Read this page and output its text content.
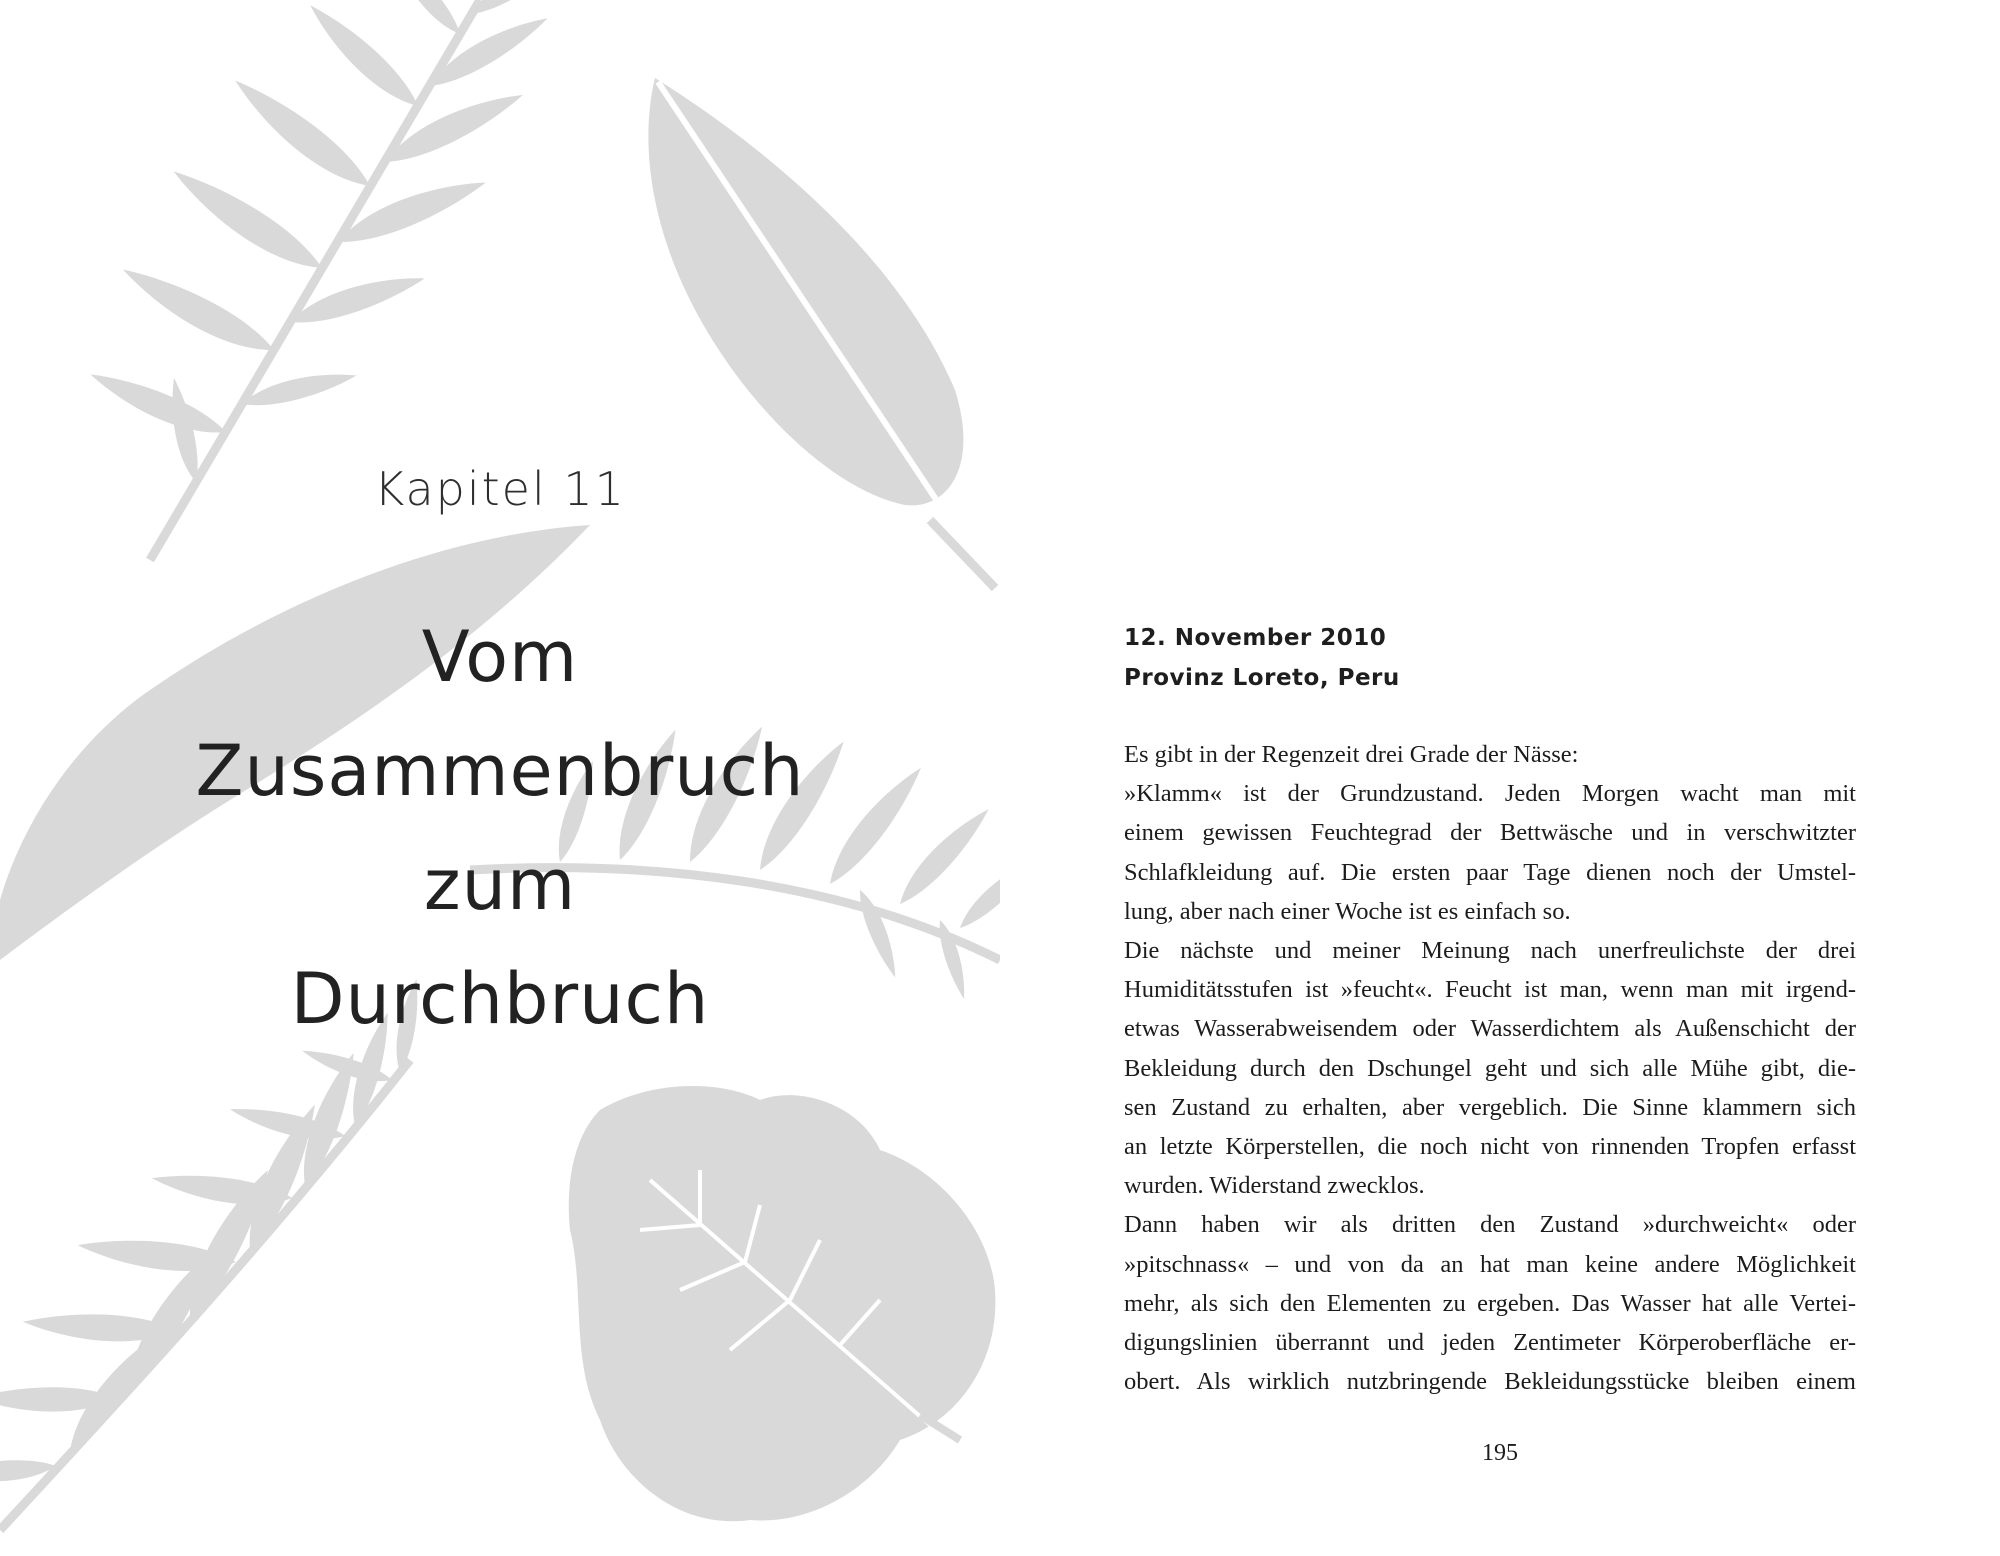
Kapitel 11
Vom
Zusammenbruch
zum
Durchbruch
12. November 2010
Provinz Loreto, Peru
Es gibt in der Regenzeit drei Grade der Nässe:
»Klamm« ist der Grundzustand. Jeden Morgen wacht man mit
einem gewissen Feuchtegrad der Bettwäsche und in verschwitzter
Schlafkleidung auf. Die ersten paar Tage dienen noch der Umstel-
lung, aber nach einer Woche ist es einfach so.
Die nächste und meiner Meinung nach unerfreulichste der drei
Humiditätsstufen ist »feucht«. Feucht ist man, wenn man mit irgend-
etwas Wasserabweisendem oder Wasserdichtem als Außenschicht der
Bekleidung durch den Dschungel geht und sich alle Mühe gibt, die-
sen Zustand zu erhalten, aber vergeblich. Die Sinne klammern sich
an letzte Körperstellen, die noch nicht von rinnenden Tropfen erfasst
wurden. Widerstand zwecklos.
Dann haben wir als dritten den Zustand »durchweicht« oder
»pitschnass« – und von da an hat man keine andere Möglichkeit
mehr, als sich den Elementen zu ergeben. Das Wasser hat alle Vertei-
digungslinien überrannt und jeden Zentimeter Körperoberfläche er-
obert. Als wirklich nutzbringende Bekleidungsstücke bleiben einem
195
